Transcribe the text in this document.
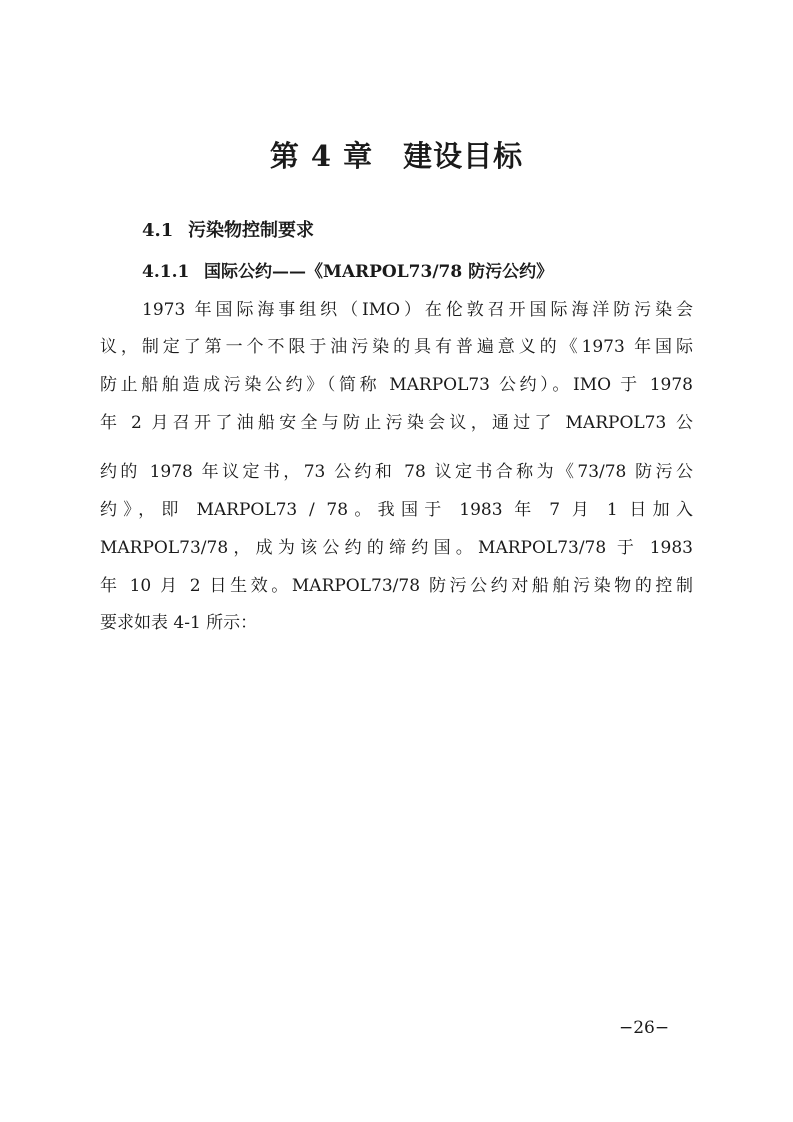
第 4 章　建设目标
4.1 污染物控制要求
4.1.1 国际公约——《MARPOL73/78 防污公约》

1973 年国际海事组织（IMO）在伦敦召开国际海洋防污染会

议，制定了第一个不限于油污染的具有普遍意义的《1973 年国际

防止船舶造成污染公约》（简称 MARPOL73 公约）。IMO 于 1978

年 2 月召开了油船安全与防止污染会议，通过了 MARPOL73 公

约的 1978 年议定书，73 公约和 78 议定书合称为《73/78 防污公

约》，即 MARPOL73 / 78。我国于 1983 年 7 月 1 日加入

MARPOL73/78，成为该公约的缔约国。MARPOL73/78 于 1983

年 10 月 2 日生效。MARPOL73/78 防污公约对船舶污染物的控制

要求如表 4-1 所示：

−26−
